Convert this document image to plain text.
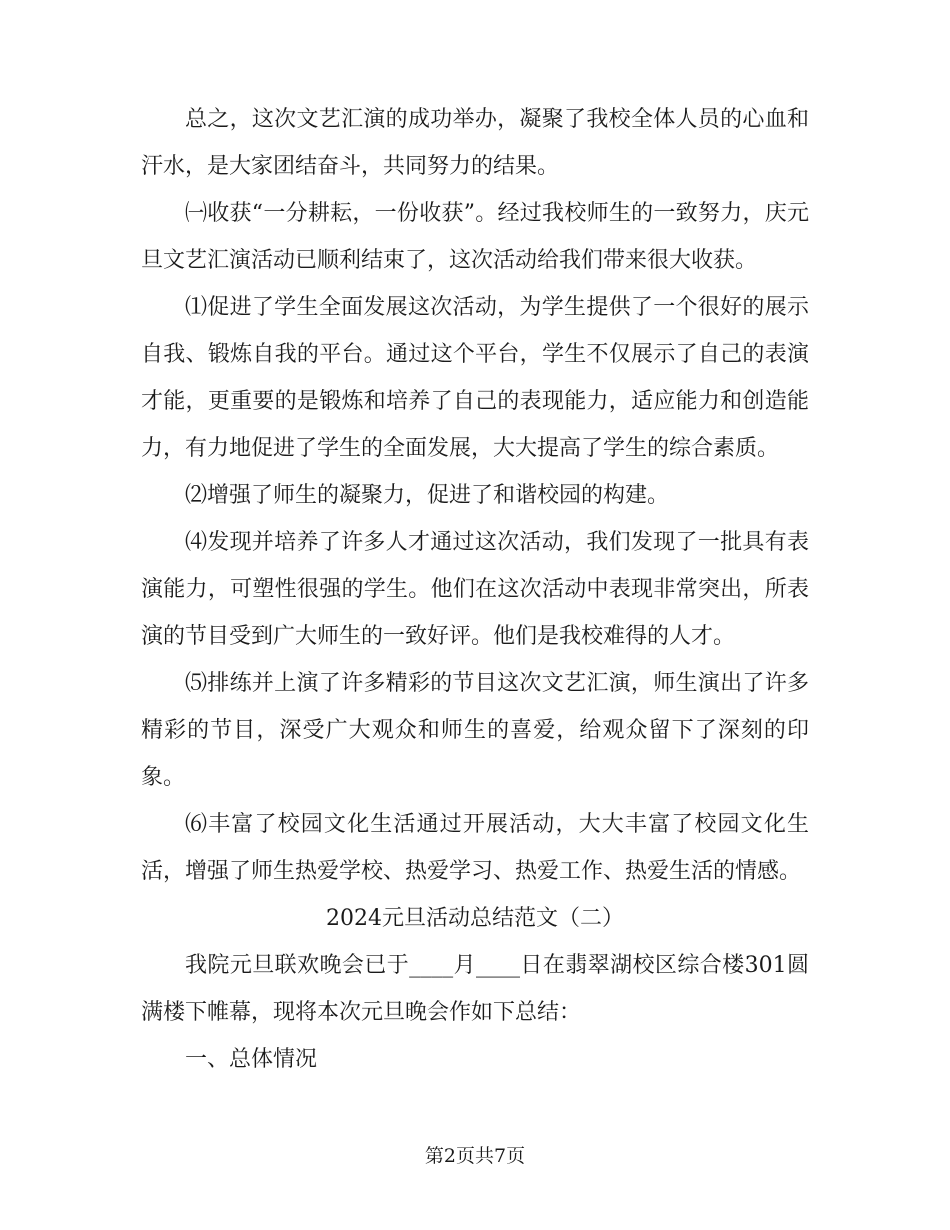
总之，这次文艺汇演的成功举办，凝聚了我校全体人员的心血和汗水，是大家团结奋斗，共同努力的结果。

㈠收获“一分耕耘，一份收获”。经过我校师生的一致努力，庆元旦文艺汇演活动已顺利结束了，这次活动给我们带来很大收获。

⑴促进了学生全面发展这次活动，为学生提供了一个很好的展示自我、锻炼自我的平台。通过这个平台，学生不仅展示了自己的表演才能，更重要的是锻炼和培养了自己的表现能力，适应能力和创造能力，有力地促进了学生的全面发展，大大提高了学生的综合素质。

⑵增强了师生的凝聚力，促进了和谐校园的构建。

⑷发现并培养了许多人才通过这次活动，我们发现了一批具有表演能力，可塑性很强的学生。他们在这次活动中表现非常突出，所表演的节目受到广大师生的一致好评。他们是我校难得的人才。

⑸排练并上演了许多精彩的节目这次文艺汇演，师生演出了许多精彩的节目，深受广大观众和师生的喜爱，给观众留下了深刻的印象。

⑹丰富了校园文化生活通过开展活动，大大丰富了校园文化生活，增强了师生热爱学校、热爱学习、热爱工作、热爱生活的情感。

2024元旦活动总结范文（二）

我院元旦联欢晚会已于____月____日在翡翠湖校区综合楼301圆满楼下帷幕，现将本次元旦晚会作如下总结：

一、总体情况

第2页共7页
